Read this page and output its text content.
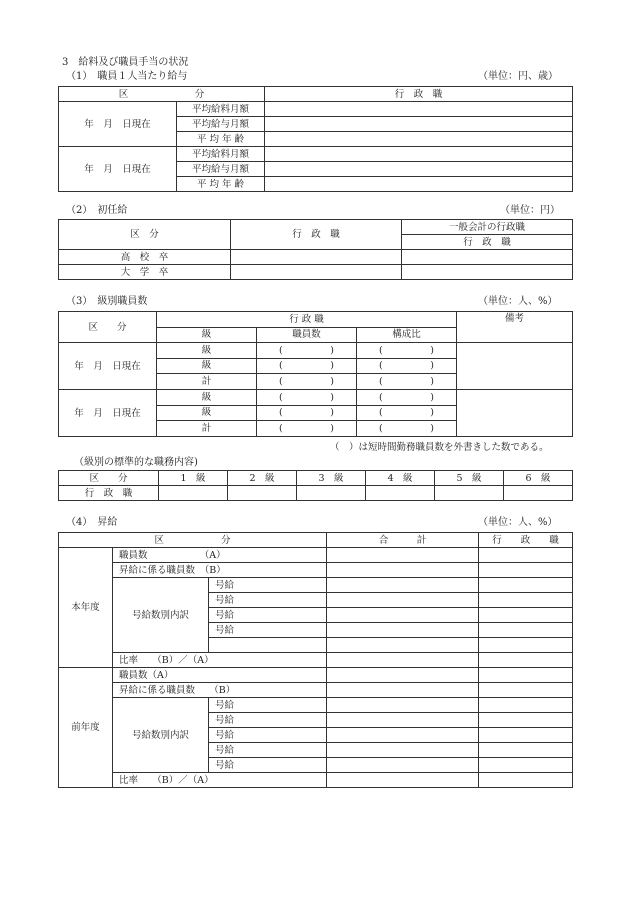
3　給料及び職員手当の状況
（1）　職員１人当たり給与	（単位：円、歳）
区　　　　　　　分		行　政　職
年　月　日現在	平均給料月額	
	平均給与月額	
	平 均 年 齢	
年　月　日現在	平均給料月額	
	平均給与月額	
	平 均 年 齢	
（2）　初任給	（単位：円）
区　分	行　政　職	一般会計の行政職
		行　政　職
高　校　卒		
大　学　卒		
（3）　級別職員数	（単位：人、%）
区　　分	行 政 職			備考
	級	職員数	構成比	
年　月　日現在	級	(　　　　　 )	(　　　　　 )	
	級	(　　　　　 )	(　　　　　 )	
	計	(　　　　　 )	(　　　　　 )	
年　月　日現在	級	(　　　　　 )	(　　　　　 )	
	級	(　　　　　 )	(　　　　　 )	
	計	(　　　　　 )	(　　　　　 )	
（　）は短時間勤務職員数を外書きした数である。
（級別の標準的な職務内容)
区　　分	1　級	2　級	3　級	4　級	5　級	6　級
行　政　職						
（4）　昇給	（単位：人、%）
区　　　　　　分			合　　　計	行　　政　　職
本年度	職員数　　　　　　（A）			
	昇給に係る職員数　（B）			
	号給数別内訳	号給		
		号給		
		号給		
		号給		

	比率　　（B）／（A）			
前年度	職員数（A）			
	昇給に係る職員数　　（B）			
	号給数別内訳	号給		
		号給		
		号給		
		号給		
		号給		
	比率　　（B）／（A）			
